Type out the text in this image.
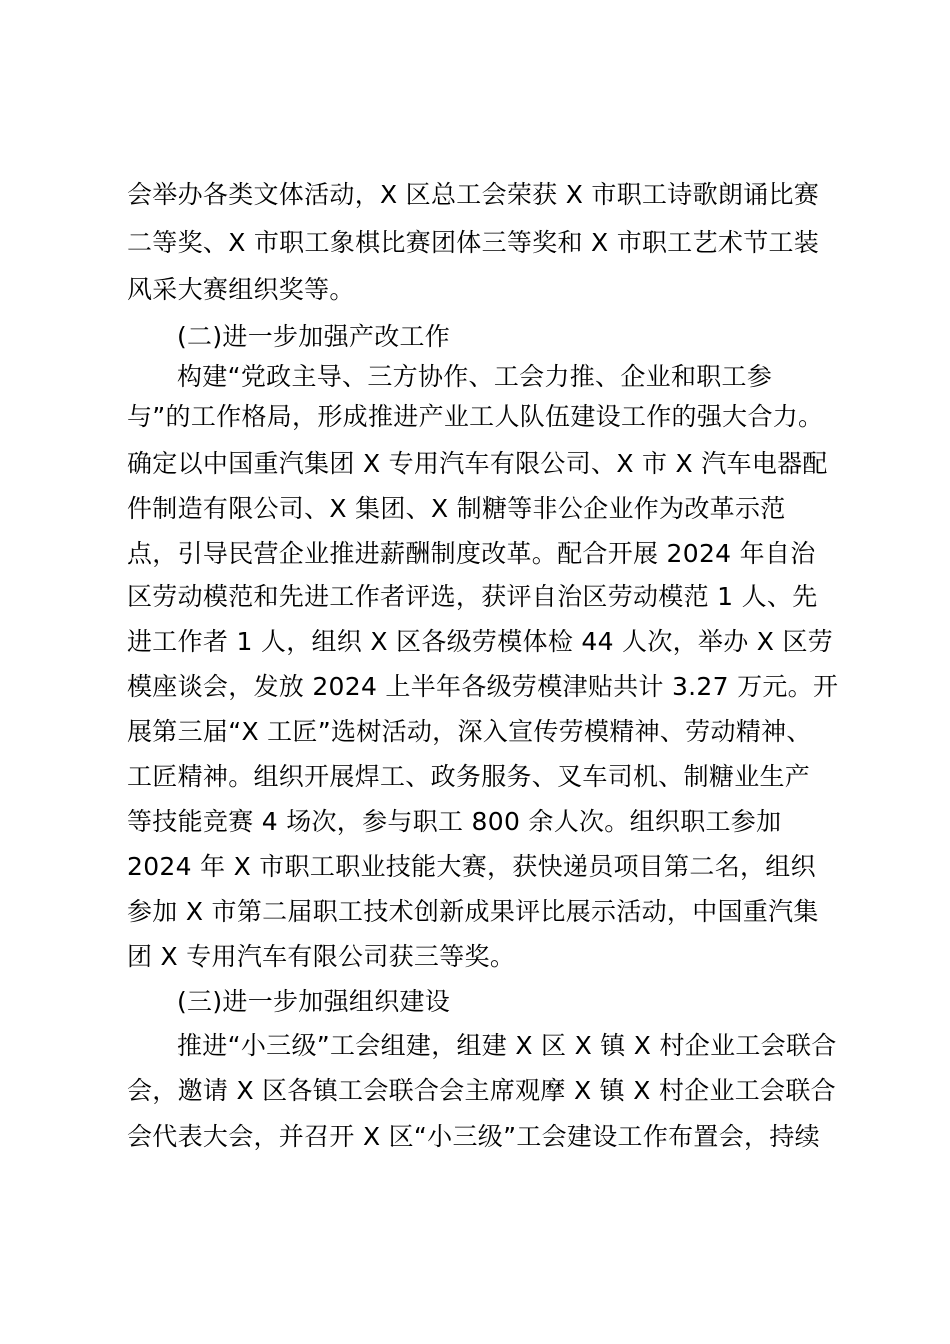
会举办各类文体活动，X 区总工会荣获 X 市职工诗歌朗诵比赛
二等奖、X 市职工象棋比赛团体三等奖和 X 市职工艺术节工装
风采大赛组织奖等。
(二)进一步加强产改工作
构建“党政主导、三方协作、工会力推、企业和职工参
与”的工作格局，形成推进产业工人队伍建设工作的强大合力。
确定以中国重汽集团 X 专用汽车有限公司、X 市 X 汽车电器配
件制造有限公司、X 集团、X 制糖等非公企业作为改革示范
点，引导民营企业推进薪酬制度改革。配合开展 2024 年自治
区劳动模范和先进工作者评选，获评自治区劳动模范 1 人、先
进工作者 1 人，组织 X 区各级劳模体检 44 人次，举办 X 区劳
模座谈会，发放 2024 上半年各级劳模津贴共计 3.27 万元。开
展第三届“X 工匠”选树活动，深入宣传劳模精神、劳动精神、
工匠精神。组织开展焊工、政务服务、叉车司机、制糖业生产
等技能竞赛 4 场次，参与职工 800 余人次。组织职工参加
2024 年 X 市职工职业技能大赛，获快递员项目第二名，组织
参加 X 市第二届职工技术创新成果评比展示活动，中国重汽集
团 X 专用汽车有限公司获三等奖。
(三)进一步加强组织建设
推进“小三级”工会组建，组建 X 区 X 镇 X 村企业工会联合
会，邀请 X 区各镇工会联合会主席观摩 X 镇 X 村企业工会联合
会代表大会，并召开 X 区“小三级”工会建设工作布置会，持续
